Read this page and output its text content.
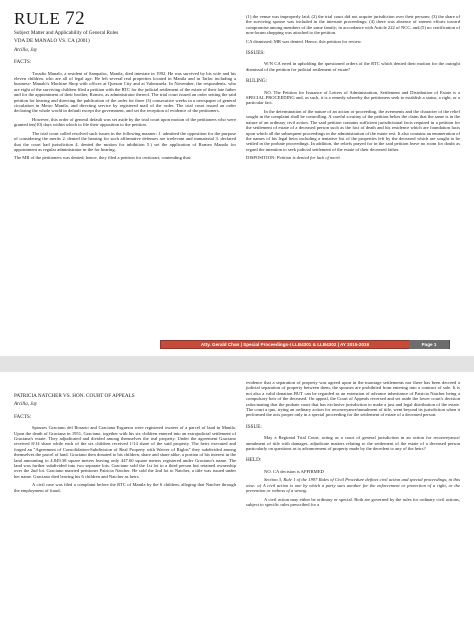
RULE 72

Subject Matter and Applicability of General Rules

VDA DE MANALO VS. CA (2001)

Arcilla, Jay

FACTS:

Troadio Manalo, a resident of Sampaloc, Manila, died intestate in 1992. He was survived by his wife and his eleven children, who are all of legal age. He left several real properties located in Manila and in Tarlac including a business- Manalo's Machine Shop with offices at Quezon City and at Valenzuela. In November, the respondents, who are eight of the surviving children filed a petition with the RTC for the judicial settlement of the estate of their late father and for the appointment of their brother, Romeo, as administrator thereof. The trial court issued an order setting the said petition for hearing and directing the publication of the order for three (3) consecutive weeks in a newspaper of general circulation in Metro Manila, and directing service by registered mail of the order. The trial court issued an order declaring the whole world in default except the government, and set the reception of evidence of the petitioners.

However, this order of general default was set aside by the trial court upon motion of the petitioners who were granted ten(10) days within which to file their opposition to the petition.

The trial court called resolved such issues in the following manner: 1. admitted the opposition for the purpose of considering the merits 2. denied the hearing for such affirmative defenses are irrelevant and immaterial 3. declared that the court had jurisdiction 4. denied the motion for inhibition 5.) set the application of Romeo Manalo for appointment as regular administrator in the for hearing.

The MR of the petitioners was denied; hence, they filed a petition for certiorari, contending that:

(1) the venue was improperly laid; (2) the trial court did not acquire jurisdiction over their persons; (3) the share of the surviving spouse was included in the intestate proceedings; (4) there was absence of earnest efforts toward compromise among members of the same family; in accordance with Article 222 of NCC, and (5) no certification of non-forum shopping was attached to the petition.

CA dismissed; MR was denied. Hence, this petition for review.

ISSUES:

W/N CA erred in upholding the questioned orders of the RTC which denied their motion for the outright dismissal of the petition for judicial settlement of estate?

RULING:

NO. The Petition for Issuance of Letters of Administration, Settlement and Distribution of Estate is a SPECIAL PROCEEDING and, as such, it is a remedy whereby the petitioners seek to establish a status, a right, or a particular fact.

In the determination of the nature of an action or proceeding, the averments and the character of the relief sought in the complaint shall be controlling. A careful scrutiny of the petition belies the claim that the same is in the nature of an ordinary civil action. The said petition contains sufficient jurisdictional facts required in a petition for the settlement of estate of a deceased person such as the fact of death and his residence which are foundation facts upon which all the subsequent proceedings in the administration of the estate rest. It also contains an enumeration of the names of his legal heirs including a tentative list of the properties left by the deceased which are sought to be settled in the probate proceedings. In addition, the reliefs prayed for in the said petition leave no room for doubt as regard the intention to seek judicial settlement of the estate of their deceased father.

DISPOSITION: Petition is denied for lack of merit

Atty. Gerald Chan | Special Proceedings-I LLB4301 & LLB4302 | AY 2015-2016	Page 1

PATRICIA NATCHER VS. HON. COURT OF APPEALS

Arcilla, Jay

FACTS:

Spouses Graciano del Rosario and Graciana Esguerra were registered owners of a parcel of land in Manila. Upon the death of Graciana in 1951, Graciano, together with his six children entered into an extrajudicial settlement of Graciana's estate. They adjudicated and divided among themselves the real property. Under the agreement Graciano received 8/14 share while each of the six children received 1/14 share of the said property. The heirs executed and forged an "Agreement of Consolidation-Subdivision of Real Property with Waiver of Rights" they subdivided among themselves the parcel of land. Graciano then donated to his children, share and share alike, a portion of his interest in the land amounting to 4,849.38 square meters leaving only 447.60 square meters registered under Graciano's name. The land was further subdivided into two separate lots. Graciano sold the 1st lot to a third person but retained ownership over the 2nd lot. Graciano married petitioner Patricia Natcher. He sold the 2nd lot to Natcher, a title was issued under her name. Graciano died leaving his 6 children and Natcher as heirs.

A civil case was filed a complaint before the RTC of Manila by the 6 children, alleging that Natcher through the employment of fraud,

evidence that a separation of property was agreed upon in the marriage settlements nor there has been decreed a judicial separation of property between them, the spouses are prohibited from entering into a contract of sale. It is not also a valid donation BUT can be regarded as an extension of advance inheritance of Patricia Natcher being a compulsory heir of the deceased. On appeal, the Court of Appeals reversed and set aside the lower court's decision ratiocinating that the probate court that has exclusive jurisdiction to make a just and legal distribution of the estate. The court a quo, trying an ordinary action for reconveyance/annulment of title, went beyond its jurisdiction when it performed the acts proper only in a special proceeding for the settlement of estate of a deceased person.

ISSUE:

May a Regional Trial Court, acting as a court of general jurisdiction in an action for reconveyance/ annulment of title with damages, adjudicate matters relating to the settlement of the estate of a deceased person particularly on questions as to advancement of property made by the decedent to any of the heirs?

HELD:

NO. CA decision is AFFIRMED

Section 3, Rule 1 of the 1997 Rules of Civil Procedure defines civil action and special proceedings, in this wise: a) A civil action is one by which a party sues another for the enforcement or protection of a right, or the prevention or redress of a wrong.

A civil action may either be ordinary or special. Both are governed by the rules for ordinary civil actions, subject to specific rules prescribed for a
